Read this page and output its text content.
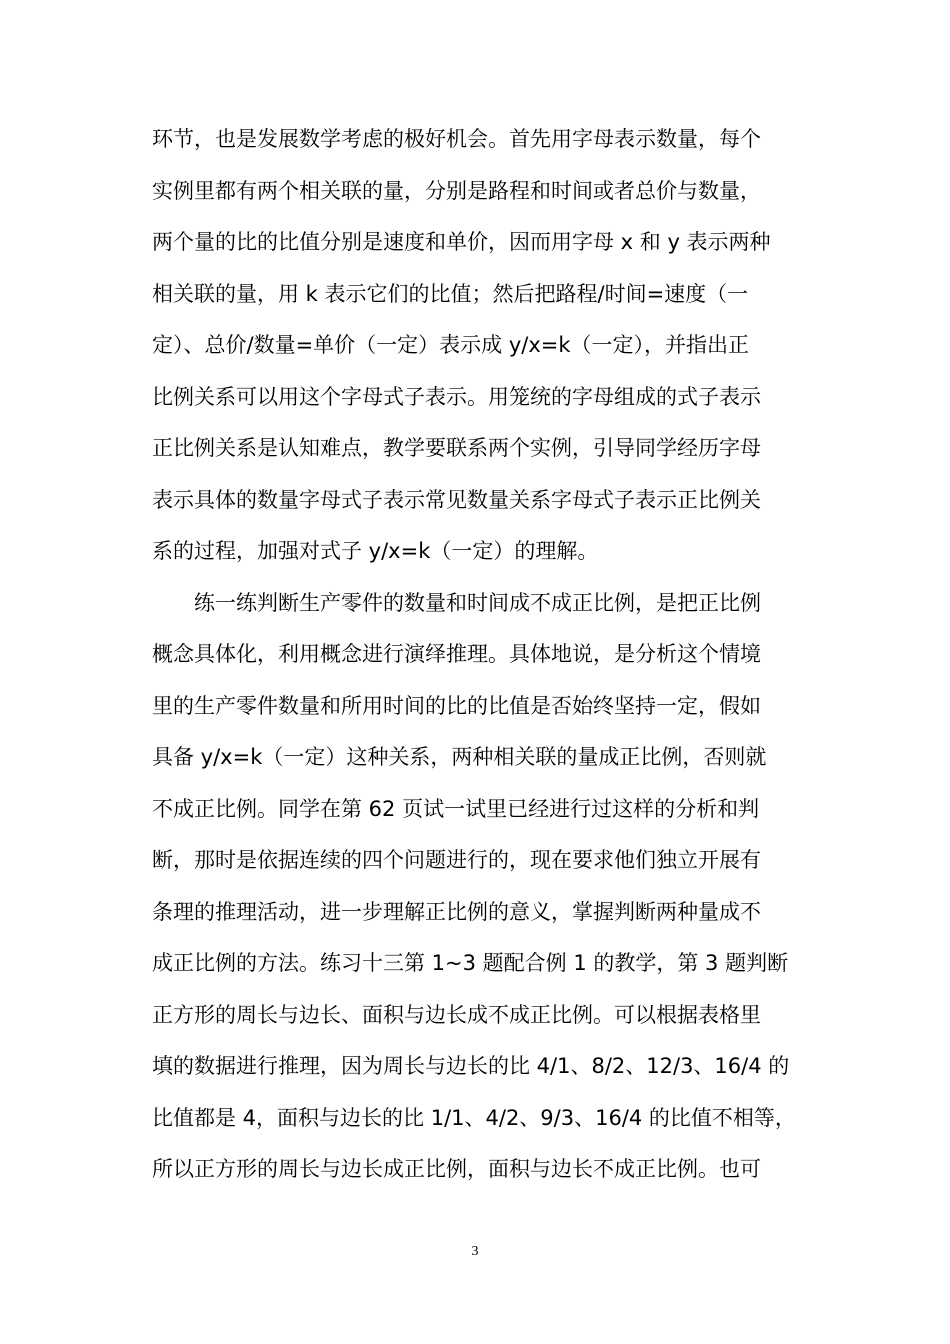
环节，也是发展数学考虑的极好机会。首先用字母表示数量，每个
实例里都有两个相关联的量，分别是路程和时间或者总价与数量，
两个量的比的比值分别是速度和单价，因而用字母 x 和 y 表示两种
相关联的量，用 k 表示它们的比值；然后把路程/时间=速度（一
定）、总价/数量=单价（一定）表示成 y/x=k（一定），并指出正
比例关系可以用这个字母式子表示。用笼统的字母组成的式子表示
正比例关系是认知难点，教学要联系两个实例，引导同学经历字母
表示具体的数量字母式子表示常见数量关系字母式子表示正比例关
系的过程，加强对式子 y/x=k（一定）的理解。
练一练判断生产零件的数量和时间成不成正比例，是把正比例
概念具体化，利用概念进行演绎推理。具体地说，是分析这个情境
里的生产零件数量和所用时间的比的比值是否始终坚持一定，假如
具备 y/x=k（一定）这种关系，两种相关联的量成正比例，否则就
不成正比例。同学在第 62 页试一试里已经进行过这样的分析和判
断，那时是依据连续的四个问题进行的，现在要求他们独立开展有
条理的推理活动，进一步理解正比例的意义，掌握判断两种量成不
成正比例的方法。练习十三第 1~3 题配合例 1 的教学，第 3 题判断
正方形的周长与边长、面积与边长成不成正比例。可以根据表格里
填的数据进行推理，因为周长与边长的比 4/1、8/2、12/3、16/4 的
比值都是 4，面积与边长的比 1/1、4/2、9/3、16/4 的比值不相等，
所以正方形的周长与边长成正比例，面积与边长不成正比例。也可
3
